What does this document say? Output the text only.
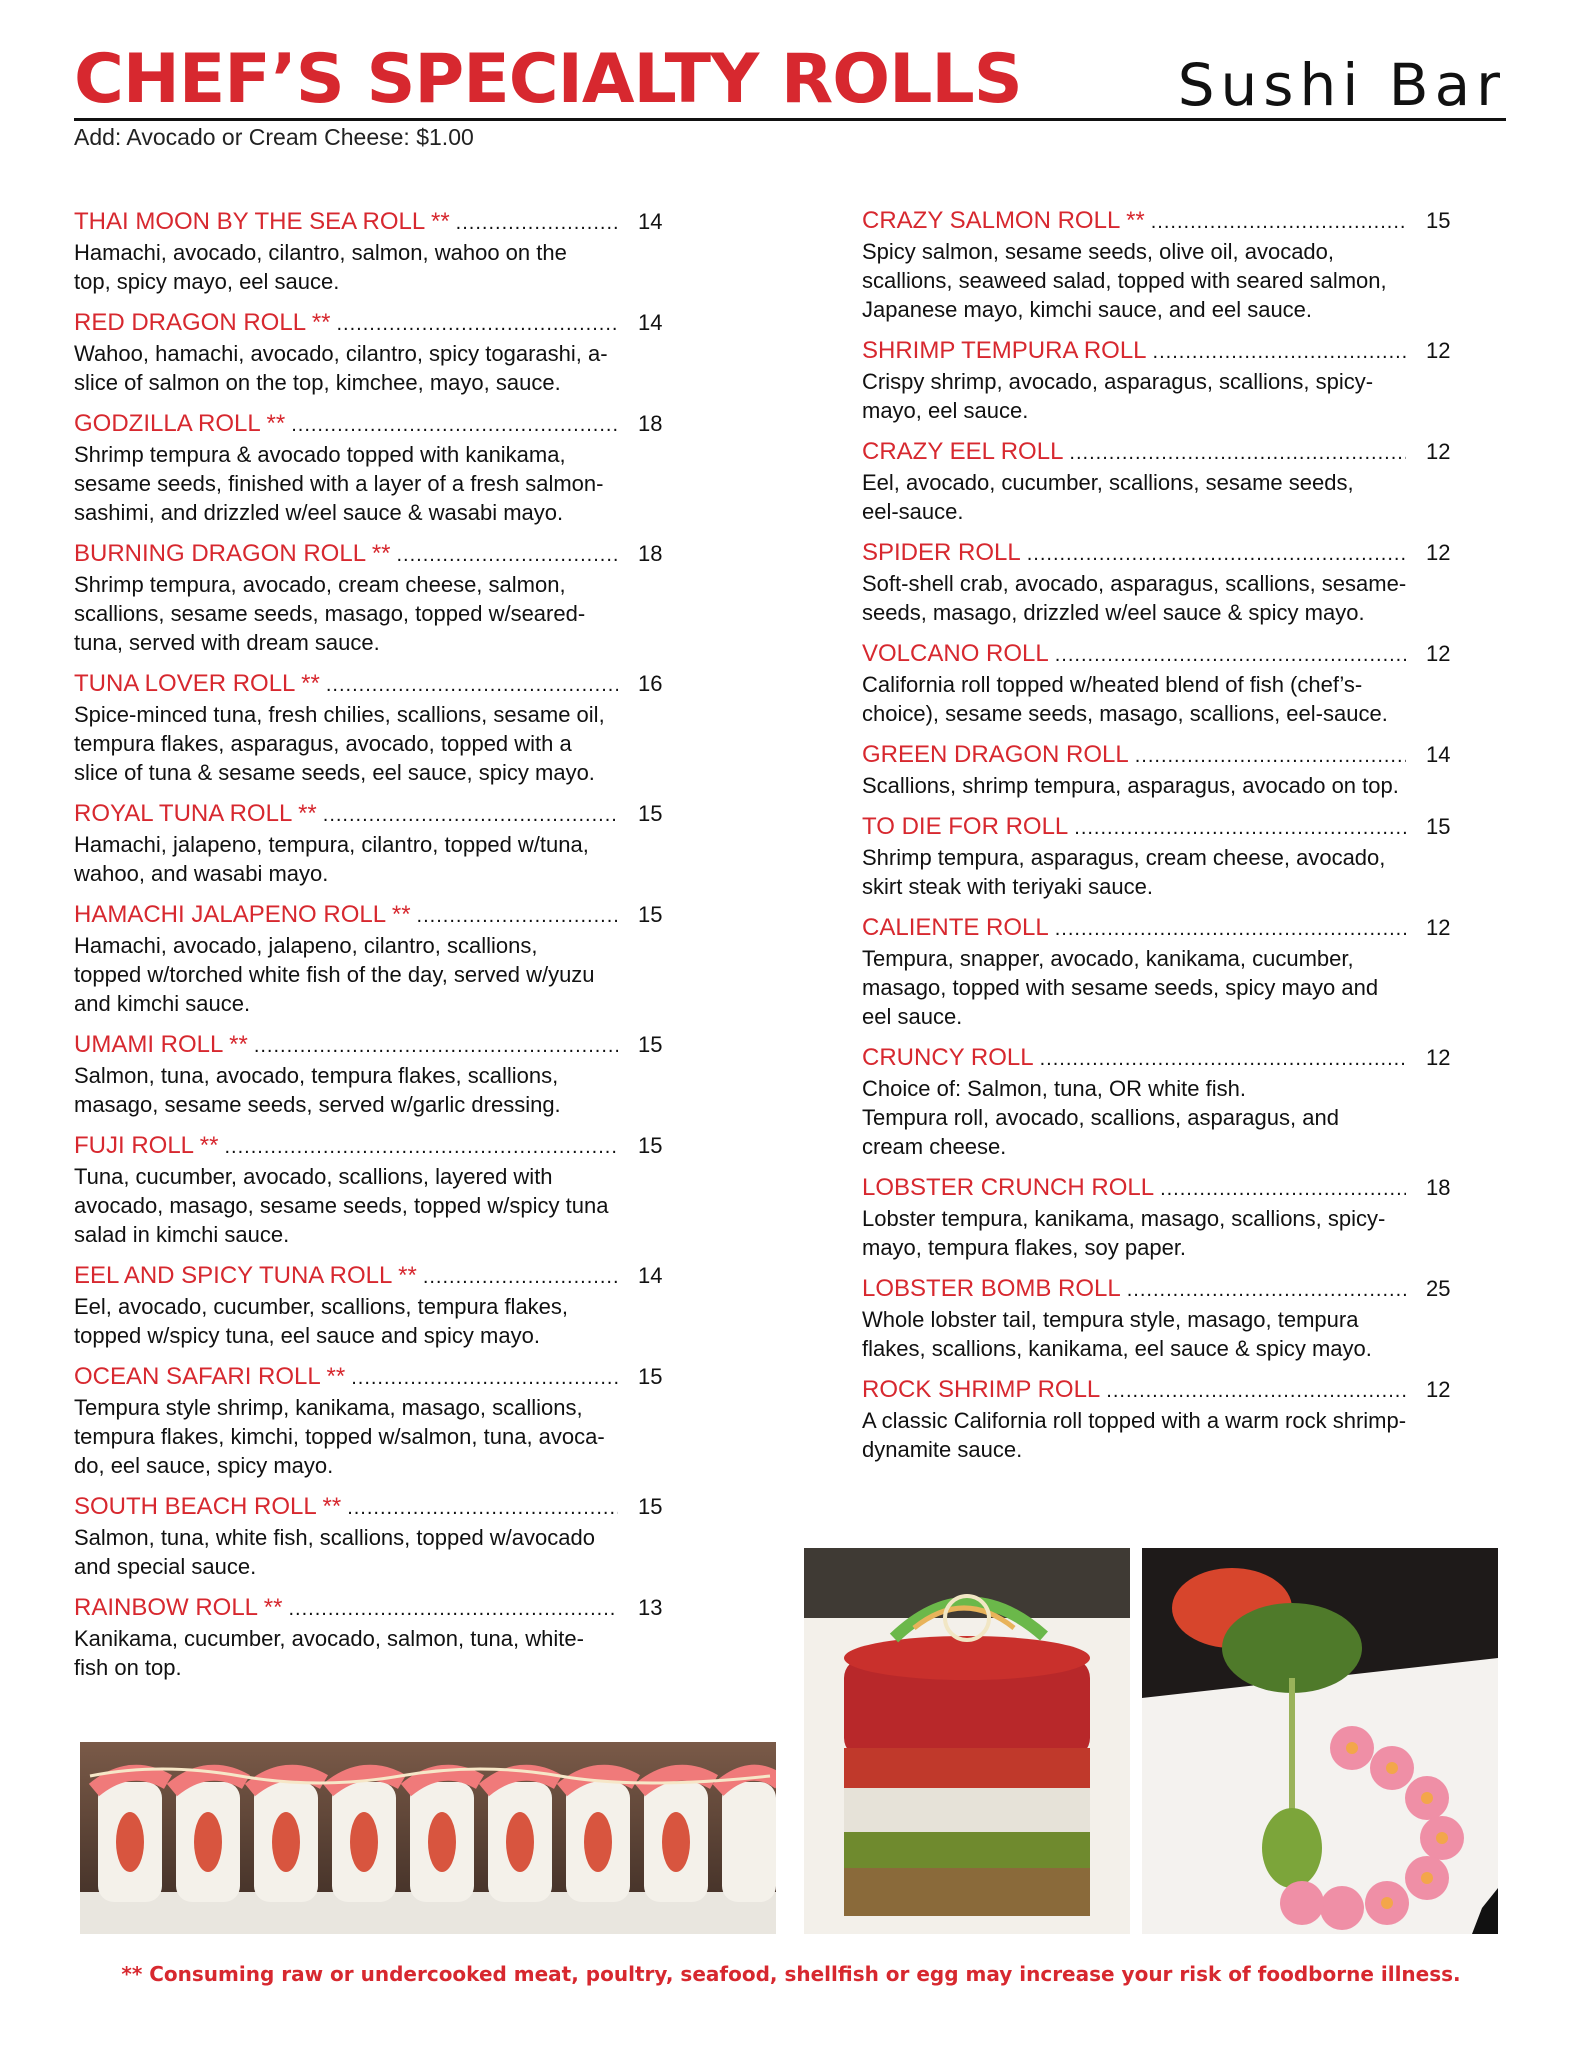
CHEF’S SPECIALTY ROLLS	Sushi Bar
Add: Avocado or Cream Cheese: $1.00
THAI MOON BY THE SEA ROLL ** .....	14
Hamachi, avocado, cilantro, salmon, wahoo on the
top, spicy mayo, eel sauce.
RED DRAGON ROLL ** .....	14
Wahoo, hamachi, avocado, cilantro, spicy togarashi, a-
slice of salmon on the top, kimchee, mayo, sauce.
GODZILLA ROLL ** .....	18
Shrimp tempura & avocado topped with kanikama,
sesame seeds, finished with a layer of a fresh salmon-
sashimi, and drizzled w/eel sauce & wasabi mayo.
BURNING DRAGON ROLL ** .....	18
Shrimp tempura, avocado, cream cheese, salmon,
scallions, sesame seeds, masago, topped w/seared-
tuna, served with dream sauce.
TUNA LOVER ROLL ** .....	16
Spice-minced tuna, fresh chilies, scallions, sesame oil,
tempura flakes, asparagus, avocado, topped with a
slice of tuna & sesame seeds, eel sauce, spicy mayo.
ROYAL TUNA ROLL ** .....	15
Hamachi, jalapeno, tempura, cilantro, topped w/tuna,
wahoo, and wasabi mayo.
HAMACHI JALAPENO ROLL ** .....	15
Hamachi, avocado, jalapeno, cilantro, scallions,
topped w/torched white fish of the day, served w/yuzu
and kimchi sauce.
UMAMI ROLL ** .....	15
Salmon, tuna, avocado, tempura flakes, scallions,
masago, sesame seeds, served w/garlic dressing.
FUJI ROLL ** .....	15
Tuna, cucumber, avocado, scallions, layered with
avocado, masago, sesame seeds, topped w/spicy tuna
salad in kimchi sauce.
EEL AND SPICY TUNA ROLL ** .....	14
Eel, avocado, cucumber, scallions, tempura flakes,
topped w/spicy tuna, eel sauce and spicy mayo.
OCEAN SAFARI ROLL ** .....	15
Tempura style shrimp, kanikama, masago, scallions,
tempura flakes, kimchi, topped w/salmon, tuna, avoca-
do, eel sauce, spicy mayo.
SOUTH BEACH ROLL ** .....	15
Salmon, tuna, white fish, scallions, topped w/avocado
and special sauce.
RAINBOW ROLL ** .....	13
Kanikama, cucumber, avocado, salmon, tuna, white-
fish on top.
CRAZY SALMON ROLL ** .....	15
Spicy salmon, sesame seeds, olive oil, avocado,
scallions, seaweed salad, topped with seared salmon,
Japanese mayo, kimchi sauce, and eel sauce.
SHRIMP TEMPURA ROLL .....	12
Crispy shrimp, avocado, asparagus, scallions, spicy-
mayo, eel sauce.
CRAZY EEL ROLL .....	12
Eel, avocado, cucumber, scallions, sesame seeds,
eel-sauce.
SPIDER ROLL .....	12
Soft-shell crab, avocado, asparagus, scallions, sesame-
seeds, masago, drizzled w/eel sauce & spicy mayo.
VOLCANO ROLL .....	12
California roll topped w/heated blend of fish (chef’s-
choice), sesame seeds, masago, scallions, eel-sauce.
GREEN DRAGON ROLL .....	14
Scallions, shrimp tempura, asparagus, avocado on top.
TO DIE FOR ROLL .....	15
Shrimp tempura, asparagus, cream cheese, avocado,
skirt steak with teriyaki sauce.
CALIENTE ROLL .....	12
Tempura, snapper, avocado, kanikama, cucumber,
masago, topped with sesame seeds, spicy mayo and
eel sauce.
CRUNCY ROLL .....	12
Choice of: Salmon, tuna, OR white fish.
Tempura roll, avocado, scallions, asparagus, and
cream cheese.
LOBSTER CRUNCH ROLL .....	18
Lobster tempura, kanikama, masago, scallions, spicy-
mayo, tempura flakes, soy paper.
LOBSTER BOMB ROLL .....	25
Whole lobster tail, tempura style, masago, tempura
flakes, scallions, kanikama, eel sauce & spicy mayo.
ROCK SHRIMP ROLL .....	12
A classic California roll topped with a warm rock shrimp-
dynamite sauce.
** Consuming raw or undercooked meat, poultry, seafood, shellfish or egg may increase your risk of foodborne illness.
